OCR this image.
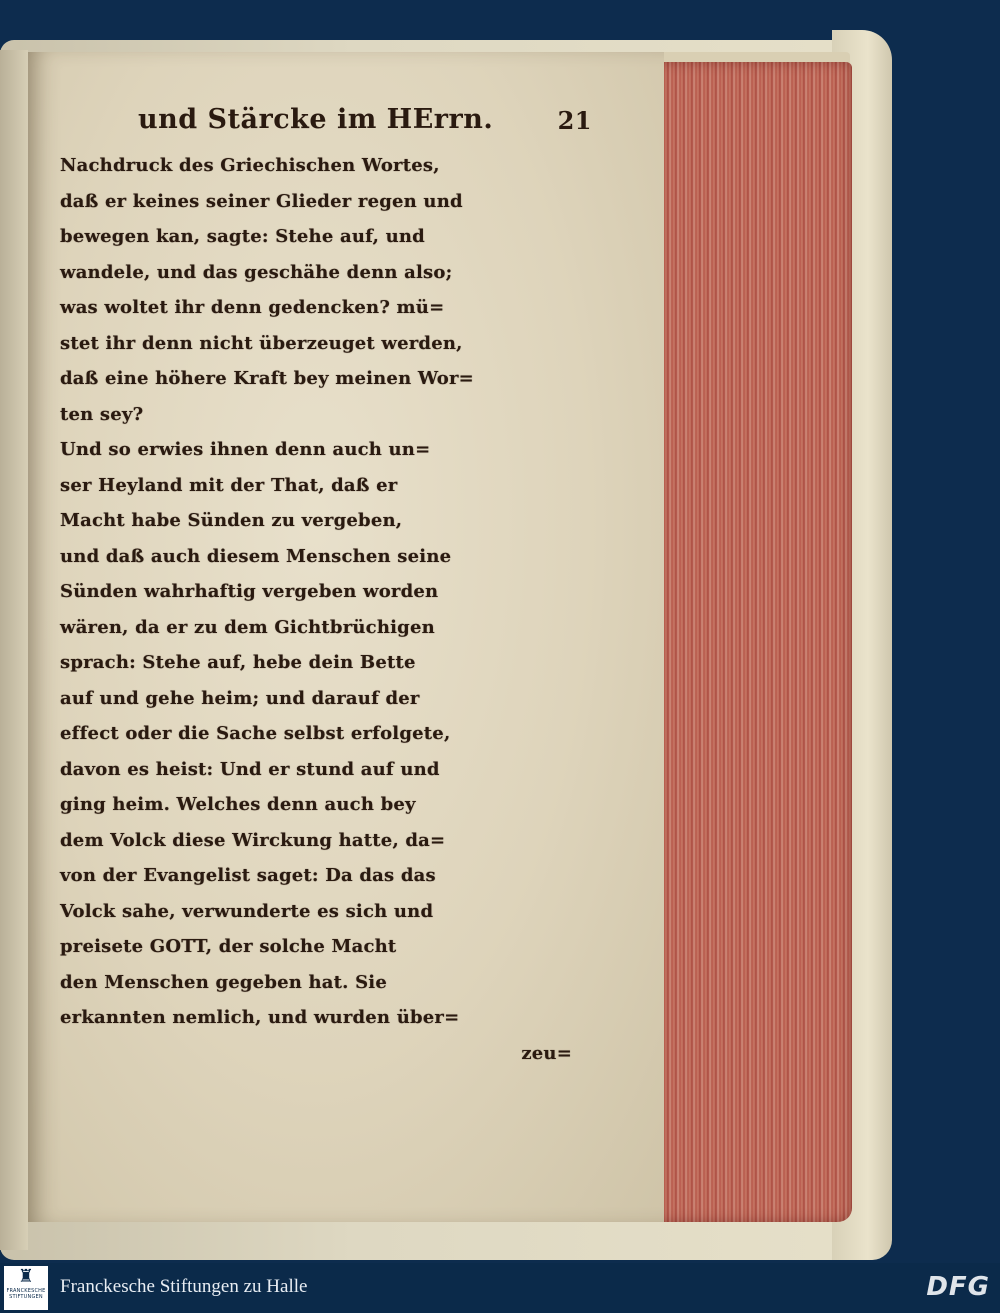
und Stärcke im HErrn.	21
Nachdruck des Griechischen Wortes,
daß er keines seiner Glieder regen und
bewegen kan, sagte: Stehe auf, und
wandele, und das geschähe denn also;
was woltet ihr denn gedencken? mü=
stet ihr denn nicht überzeuget werden,
daß eine höhere Kraft bey meinen Wor=
ten sey?
Und so erwies ihnen denn auch un=
ser Heyland mit der That, daß er
Macht habe Sünden zu vergeben,
und daß auch diesem Menschen seine
Sünden wahrhaftig vergeben worden
wären, da er zu dem Gichtbrüchigen
sprach: Stehe auf, hebe dein Bette
auf und gehe heim; und darauf der
effect oder die Sache selbst erfolgete,
davon es heist: Und er stund auf und
ging heim. Welches denn auch bey
dem Volck diese Wirckung hatte, da=
von der Evangelist saget: Da das das
Volck sahe, verwunderte es sich und
preisete GOTT, der solche Macht
den Menschen gegeben hat. Sie
erkannten nemlich, und wurden über=
zeu=
♜
FRANCKESCHE STIFTUNGEN Franckesche Stiftungen zu Halle	DFG
